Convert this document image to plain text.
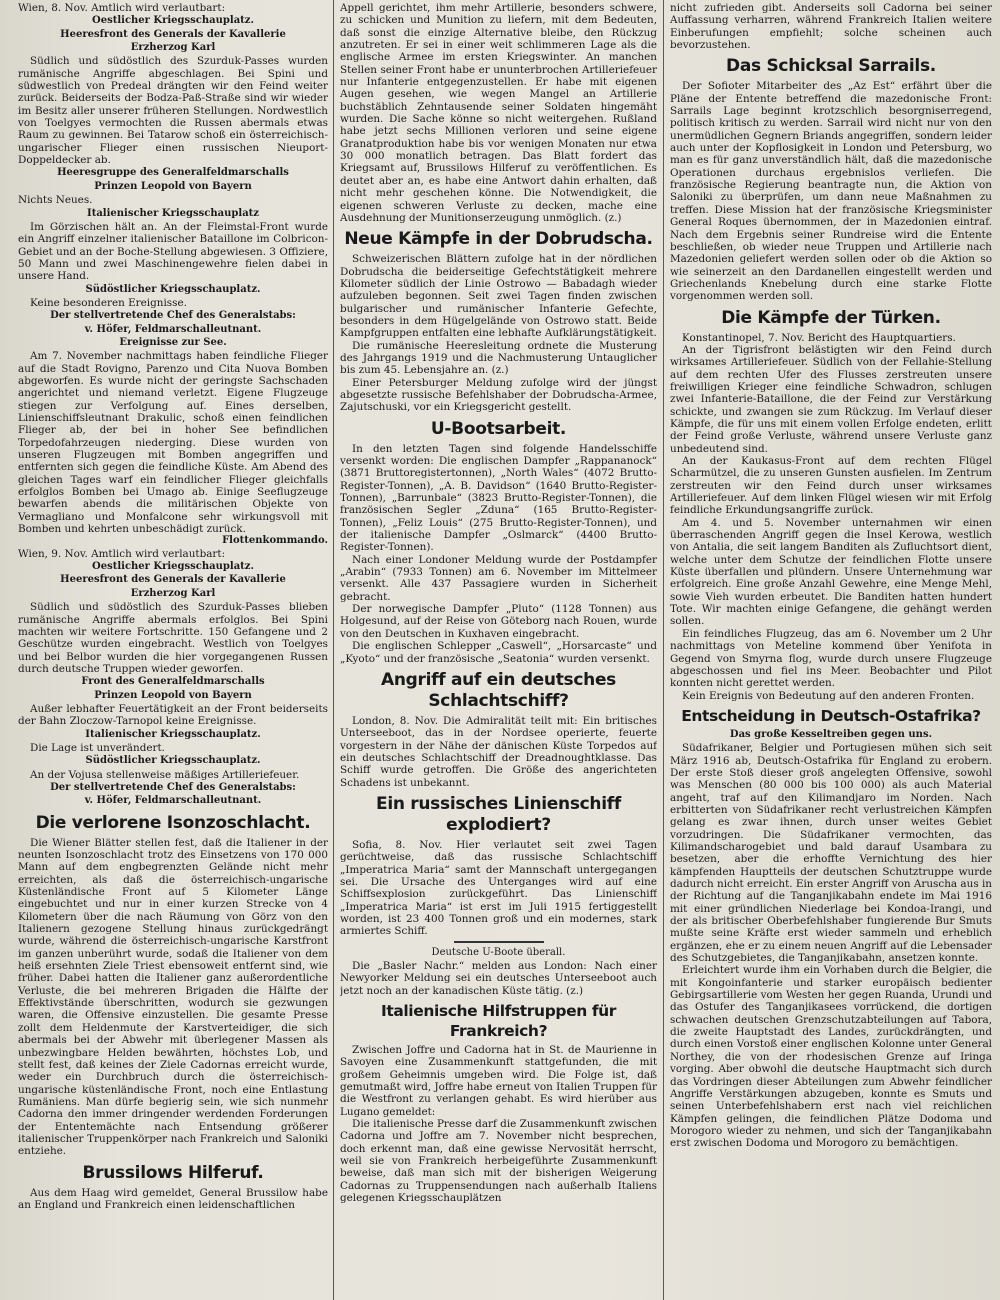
Wien, 8. Nov. Amtlich wird verlautbart:

Oestlicher Kriegsschauplatz.

Heeresfront des Generals der Kavallerie

Erzherzog Karl

Südlich und südöstlich des Szurduk-Passes wurden rumänische Angriffe abgeschlagen. Bei Spini und südwestlich von Predeal drängten wir den Feind weiter zurück. Beiderseits der Bodza-Paß-Straße sind wir wieder im Besitz aller unserer früheren Stellungen. Nordwestlich von Toelgyes vermochten die Russen abermals etwas Raum zu gewinnen. Bei Tatarow schoß ein österreichisch-ungarischer Flieger einen russischen Nieuport-Doppeldecker ab.

Heeresgruppe des Generalfeldmarschalls

Prinzen Leopold von Bayern

Nichts Neues.

Italienischer Kriegsschauplatz

Im Görzischen hält an. An der Fleimstal-Front wurde ein Angriff einzelner italienischer Bataillone im Colbricon-Gebiet und an der Boche-Stellung abgewiesen. 3 Offiziere, 50 Mann und zwei Maschinengewehre fielen dabei in unsere Hand.

Südöstlicher Kriegsschauplatz.

Keine besonderen Ereignisse.

Der stellvertretende Chef des Generalstabs:

v. Höfer, Feldmarschalleutnant.

Ereignisse zur See.

Am 7. November nachmittags haben feindliche Flieger auf die Stadt Rovigno, Parenzo und Cita Nuova Bomben abgeworfen. Es wurde nicht der geringste Sachschaden angerichtet und niemand verletzt. Eigene Flugzeuge stiegen zur Verfolgung auf. Eines derselben, Linienschiffsleutnant Drakulic, schoß einen feindlichen Flieger ab, der bei in hoher See befindlichen Torpedofahrzeugen niederging. Diese wurden von unseren Flugzeugen mit Bomben angegriffen und entfernten sich gegen die feindliche Küste. Am Abend des gleichen Tages warf ein feindlicher Flieger gleichfalls erfolglos Bomben bei Umago ab. Einige Seeflugzeuge bewarfen abends die militärischen Objekte von Vermagliano und Monfalcone sehr wirkungsvoll mit Bomben und kehrten unbeschädigt zurück.

Flottenkommando.

Wien, 9. Nov. Amtlich wird verlautbart:

Oestlicher Kriegsschauplatz.

Heeresfront des Generals der Kavallerie

Erzherzog Karl

Südlich und südöstlich des Szurduk-Passes blieben rumänische Angriffe abermals erfolglos. Bei Spini machten wir weitere Fortschritte. 150 Gefangene und 2 Geschütze wurden eingebracht. Westlich von Toelgyes und bei Belbor wurden die hier vorgegangenen Russen durch deutsche Truppen wieder geworfen.

Front des Generalfeldmarschalls

Prinzen Leopold von Bayern

Außer lebhafter Feuertätigkeit an der Front beiderseits der Bahn Zloczow-Tarnopol keine Ereignisse.

Italienischer Kriegsschauplatz.

Die Lage ist unverändert.

Südöstlicher Kriegsschauplatz.

An der Vojusa stellenweise mäßiges Artilleriefeuer.

Der stellvertretende Chef des Generalstabs:

v. Höfer, Feldmarschalleutnant.

Die verlorene Isonzoschlacht.

Die Wiener Blätter stellen fest, daß die Italiener in der neunten Isonzoschlacht trotz des Einsetzens von 170 000 Mann auf dem engbegrenzten Gelände nicht mehr erreichten, als daß die österreichisch-ungarische Küstenländische Front auf 5 Kilometer Länge eingebuchtet und nur in einer kurzen Strecke von 4 Kilometern über die nach Räumung von Görz von den Italienern gezogene Stellung hinaus zurückgedrängt wurde, während die österreichisch-ungarische Karstfront im ganzen unberührt wurde, sodaß die Italiener von dem heiß ersehnten Ziele Triest ebensoweit entfernt sind, wie früher. Dabei hatten die Italiener ganz außerordentliche Verluste, die bei mehreren Brigaden die Hälfte der Effektivstände überschritten, wodurch sie gezwungen waren, die Offensive einzustellen. Die gesamte Presse zollt dem Heldenmute der Karstverteidiger, die sich abermals bei der Abwehr mit überlegener Massen als unbezwingbare Helden bewährten, höchstes Lob, und stellt fest, daß keines der Ziele Cadornas erreicht wurde, weder ein Durchbruch durch die österreichisch-ungarische küstenländische Front, noch eine Entlastung Rumäniens. Man dürfe begierig sein, wie sich nunmehr Cadorna den immer dringender werdenden Forderungen der Ententemächte nach Entsendung größerer italienischer Truppenkörper nach Frankreich und Saloniki entziehe.

Brussilows Hilferuf.

Aus dem Haag wird gemeldet, General Brussilow habe an England und Frankreich einen leidenschaftlichen

Appell gerichtet, ihm mehr Artillerie, besonders schwere, zu schicken und Munition zu liefern, mit dem Bedeuten, daß sonst die einzige Alternative bleibe, den Rückzug anzutreten. Er sei in einer weit schlimmeren Lage als die englische Armee im ersten Kriegswinter. An manchen Stellen seiner Front habe er ununterbrochen Artilleriefeuer nur Infanterie entgegenzustellen. Er habe mit eigenen Augen gesehen, wie wegen Mangel an Artillerie buchstäblich Zehntausende seiner Soldaten hingemäht wurden. Die Sache könne so nicht weitergehen. Rußland habe jetzt sechs Millionen verloren und seine eigene Granatproduktion habe bis vor wenigen Monaten nur etwa 30 000 monatlich betragen. Das Blatt fordert das Kriegsamt auf, Brussilows Hilferuf zu veröffentlichen. Es deutet aber an, es habe eine Antwort dahin erhalten, daß nicht mehr geschehen könne. Die Notwendigkeit, die eigenen schweren Verluste zu decken, mache eine Ausdehnung der Munitionserzeugung unmöglich. (z.)

Neue Kämpfe in der Dobrudscha.

Schweizerischen Blättern zufolge hat in der nördlichen Dobrudscha die beiderseitige Gefechtstätigkeit mehrere Kilometer südlich der Linie Ostrowo — Babadagh wieder aufzuleben begonnen. Seit zwei Tagen finden zwischen bulgarischer und rumänischer Infanterie Gefechte, besonders in dem Hügelgelände von Ostrowo statt. Beide Kampfgruppen entfalten eine lebhafte Aufklärungstätigkeit.

Die rumänische Heeresleitung ordnete die Musterung des Jahrgangs 1919 und die Nachmusterung Untauglicher bis zum 45. Lebensjahre an. (z.)

Einer Petersburger Meldung zufolge wird der jüngst abgesetzte russische Befehlshaber der Dobrudscha-Armee, Zajutschuski, vor ein Kriegsgericht gestellt.

U-Bootsarbeit.

In den letzten Tagen sind folgende Handelsschiffe versenkt worden: Die englischen Dampfer „Rappananock“ (3871 Bruttoregistertonnen), „North Wales“ (4072 Brutto-Register-Tonnen), „A. B. Davidson“ (1640 Brutto-Register-Tonnen), „Barrunbale“ (3823 Brutto-Register-Tonnen), die französischen Segler „Zduna“ (165 Brutto-Register-Tonnen), „Feliz Louis“ (275 Brutto-Register-Tonnen), und der italienische Dampfer „Oslmarck“ (4400 Brutto-Register-Tonnen).

Nach einer Londoner Meldung wurde der Postdampfer „Arabin“ (7933 Tonnen) am 6. November im Mittelmeer versenkt. Alle 437 Passagiere wurden in Sicherheit gebracht.

Der norwegische Dampfer „Pluto“ (1128 Tonnen) aus Holgesund, auf der Reise von Göteborg nach Rouen, wurde von den Deutschen in Kuxhaven eingebracht.

Die englischen Schlepper „Caswell“, „Horsarcaste“ und „Kyoto“ und der französische „Seatonia“ wurden versenkt.

Angriff auf ein deutsches Schlachtschiff?

London, 8. Nov. Die Admiralität teilt mit: Ein britisches Unterseeboot, das in der Nordsee operierte, feuerte vorgestern in der Nähe der dänischen Küste Torpedos auf ein deutsches Schlachtschiff der Dreadnoughtklasse. Das Schiff wurde getroffen. Die Größe des angerichteten Schadens ist unbekannt.

Ein russisches Linienschiff explodiert?

Sofia, 8. Nov. Hier verlautet seit zwei Tagen gerüchtweise, daß das russische Schlachtschiff „Imperatrica Maria“ samt der Mannschaft untergegangen sei. Die Ursache des Unterganges wird auf eine Schiffsexplosion zurückgeführt. Das Linienschiff „Imperatrica Maria“ ist erst im Juli 1915 fertiggestellt worden, ist 23 400 Tonnen groß und ein modernes, stark armiertes Schiff.

Deutsche U-Boote überall.

Die „Basler Nachr.“ melden aus London: Nach einer Newyorker Meldung sei ein deutsches Unterseeboot auch jetzt noch an der kanadischen Küste tätig. (z.)

Italienische Hilfstruppen für Frankreich?

Zwischen Joffre und Cadorna hat in St. de Maurienne in Savoyen eine Zusammenkunft stattgefunden, die mit großem Geheimnis umgeben wird. Die Folge ist, daß gemutmaßt wird, Joffre habe erneut von Italien Truppen für die Westfront zu verlangen gehabt. Es wird hierüber aus Lugano gemeldet:

Die italienische Presse darf die Zusammenkunft zwischen Cadorna und Joffre am 7. November nicht besprechen, doch erkennt man, daß eine gewisse Nervosität herrscht, weil sie von Frankreich herbeigeführte Zusammenkunft beweise, daß man sich mit der bisherigen Weigerung Cadornas zu Truppensendungen nach außerhalb Italiens gelegenen Kriegsschauplätzen

nicht zufrieden gibt. Anderseits soll Cadorna bei seiner Auffassung verharren, während Frankreich Italien weitere Einberufungen empfiehlt; solche scheinen auch bevorzustehen.

Das Schicksal Sarrails.

Der Sofioter Mitarbeiter des „Az Est“ erfährt über die Pläne der Entente betreffend die mazedonische Front: Sarrails Lage beginnt krotzschlich besorgniserregend, politisch kritisch zu werden. Sarrail wird nicht nur von den unermüdlichen Gegnern Briands angegriffen, sondern leider auch unter der Kopflosigkeit in London und Petersburg, wo man es für ganz unverständlich hält, daß die mazedonische Operationen durchaus ergebnislos verliefen. Die französische Regierung beantragte nun, die Aktion von Saloniki zu überprüfen, um dann neue Maßnahmen zu treffen. Diese Mission hat der französische Kriegsminister General Roques übernommen, der in Mazedonien eintraf. Nach dem Ergebnis seiner Rundreise wird die Entente beschließen, ob wieder neue Truppen und Artillerie nach Mazedonien geliefert werden sollen oder ob die Aktion so wie seinerzeit an den Dardanellen eingestellt werden und Griechenlands Knebelung durch eine starke Flotte vorgenommen werden soll.

Die Kämpfe der Türken.

Konstantinopel, 7. Nov. Bericht des Hauptquartiers.

An der Tigrisfront belästigten wir den Feind durch wirksames Artilleriefeuer. Südlich von der Fellahie-Stellung auf dem rechten Ufer des Flusses zerstreuten unsere freiwilligen Krieger eine feindliche Schwadron, schlugen zwei Infanterie-Bataillone, die der Feind zur Verstärkung schickte, und zwangen sie zum Rückzug. Im Verlauf dieser Kämpfe, die für uns mit einem vollen Erfolge endeten, erlitt der Feind große Verluste, während unsere Verluste ganz unbedeutend sind.

An der Kaukasus-Front auf dem rechten Flügel Scharmützel, die zu unseren Gunsten ausfielen. Im Zentrum zerstreuten wir den Feind durch unser wirksames Artilleriefeuer. Auf dem linken Flügel wiesen wir mit Erfolg feindliche Erkundungsangriffe zurück.

Am 4. und 5. November unternahmen wir einen überraschenden Angriff gegen die Insel Kerowa, westlich von Antalia, die seit langem Banditen als Zufluchtsort dient, welche unter dem Schutze der feindlichen Flotte unsere Küste überfallen und plündern. Unsere Unternehmung war erfolgreich. Eine große Anzahl Gewehre, eine Menge Mehl, sowie Vieh wurden erbeutet. Die Banditen hatten hundert Tote. Wir machten einige Gefangene, die gehängt werden sollen.

Ein feindliches Flugzeug, das am 6. November um 2 Uhr nachmittags von Meteline kommend über Yenifota in Gegend von Smyrna flog, wurde durch unsere Flugzeuge abgeschossen und fiel ins Meer. Beobachter und Pilot konnten nicht gerettet werden.

Kein Ereignis von Bedeutung auf den anderen Fronten.

Entscheidung in Deutsch-Ostafrika?

Das große Kesseltreiben gegen uns.

Südafrikaner, Belgier und Portugiesen mühen sich seit März 1916 ab, Deutsch-Ostafrika für England zu erobern. Der erste Stoß dieser groß angelegten Offensive, sowohl was Menschen (80 000 bis 100 000) als auch Material angeht, traf auf den Kilimandjaro im Norden. Nach erbitterten von Südafrikaner recht verlustreichen Kämpfen gelang es zwar ihnen, durch unser weites Gebiet vorzudringen. Die Südafrikaner vermochten, das Kilimandscharogebiet und bald darauf Usambara zu besetzen, aber die erhoffte Vernichtung des hier kämpfenden Hauptteils der deutschen Schutztruppe wurde dadurch nicht erreicht. Ein erster Angriff von Aruscha aus in der Richtung auf die Tanganjikabahn endete im Mai 1916 mit einer gründlichen Niederlage bei Kondoa-Irangi, und der als britischer Oberbefehlshaber fungierende Bur Smuts mußte seine Kräfte erst wieder sammeln und erheblich ergänzen, ehe er zu einem neuen Angriff auf die Lebensader des Schutzgebietes, die Tanganjikabahn, ansetzen konnte.

Erleichtert wurde ihm ein Vorhaben durch die Belgier, die mit Kongoinfanterie und starker europäisch bedienter Gebirgsartillerie vom Westen her gegen Ruanda, Urundi und das Ostufer des Tanganjikasees vorrückend, die dortigen schwachen deutschen Grenzschutzabteilungen auf Tabora, die zweite Hauptstadt des Landes, zurückdrängten, und durch einen Vorstoß einer englischen Kolonne unter General Northey, die von der rhodesischen Grenze auf Iringa vorging. Aber obwohl die deutsche Hauptmacht sich durch das Vordringen dieser Abteilungen zum Abwehr feindlicher Angriffe Verstärkungen abzugeben, konnte es Smuts und seinen Unterbefehlshabern erst nach viel reichlichen Kämpfen gelingen, die feindlichen Plätze Dodoma und Morogoro wieder zu nehmen, und sich der Tanganjikabahn erst zwischen Dodoma und Morogoro zu bemächtigen.
